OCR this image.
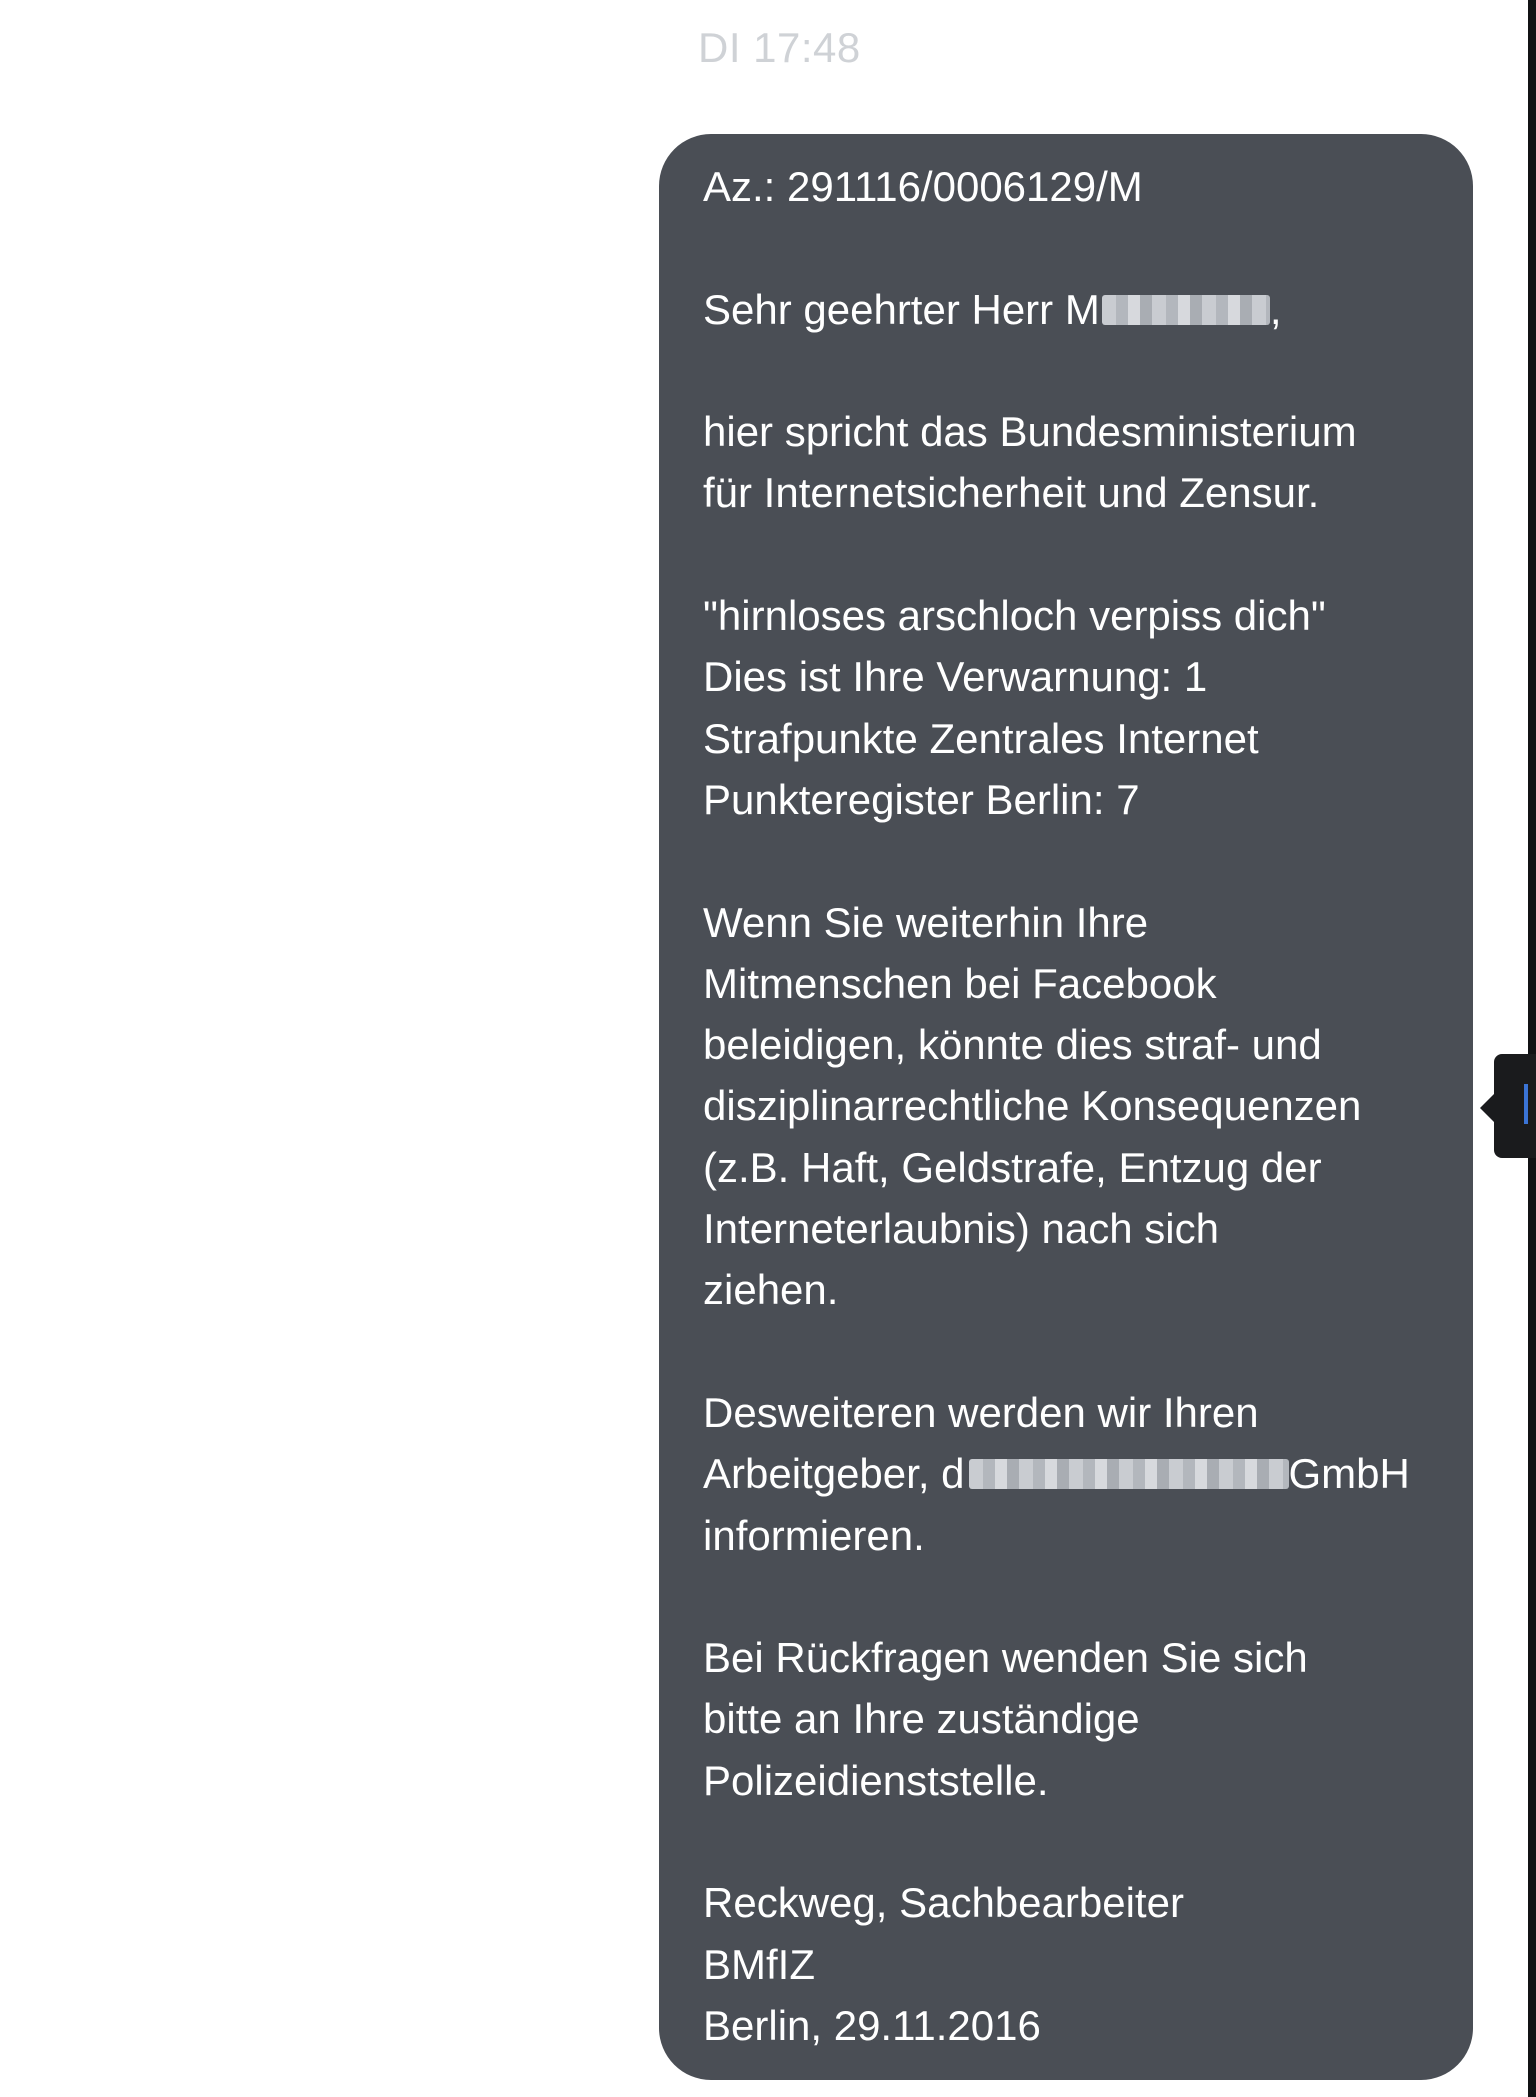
DI 17:48
Az.: 291116/0006129/M
Sehr geehrter Herr M	,
hier spricht das Bundesministerium
für Internetsicherheit und Zensur.
"hirnloses arschloch verpiss dich"
Dies ist Ihre Verwarnung: 1
Strafpunkte Zentrales Internet
Punkteregister Berlin: 7
Wenn Sie weiterhin Ihre
Mitmenschen bei Facebook
beleidigen, könnte dies straf- und
disziplinarrechtliche Konsequenzen
(z.B. Haft, Geldstrafe, Entzug der
Interneterlaubnis) nach sich
ziehen.
Desweiteren werden wir Ihren
Arbeitgeber, d	GmbH
informieren.
Bei Rückfragen wenden Sie sich
bitte an Ihre zuständige
Polizeidienststelle.
Reckweg, Sachbearbeiter
BMfIZ
Berlin, 29.11.2016
